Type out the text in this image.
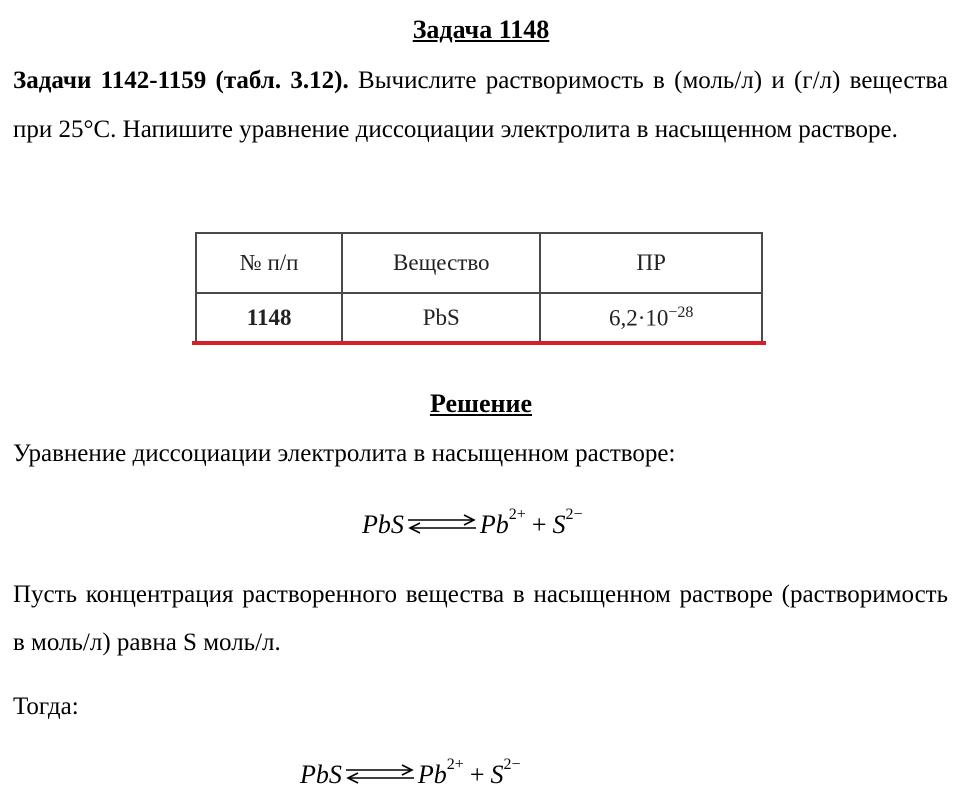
Задача 1148
Задачи 1142-1159 (табл. 3.12). Вычислите растворимость в (моль/л) и (г/л) вещества при 25°С. Напишите уравнение диссоциации электролита в насыщенном растворе.
№ п/п	Вещество	ПР
1148	PbS	$6,2\cdot 10^{-28}$
Решение
Уравнение диссоциации электролита в насыщенном растворе:
PbS ⇌ $Pb^{2+} + S^{2-}$
Пусть концентрация растворенного вещества в насыщенном растворе (растворимость в моль/л) равна S моль/л.
Тогда:
PbS	$Pb^{2+} + S^{2-}$
